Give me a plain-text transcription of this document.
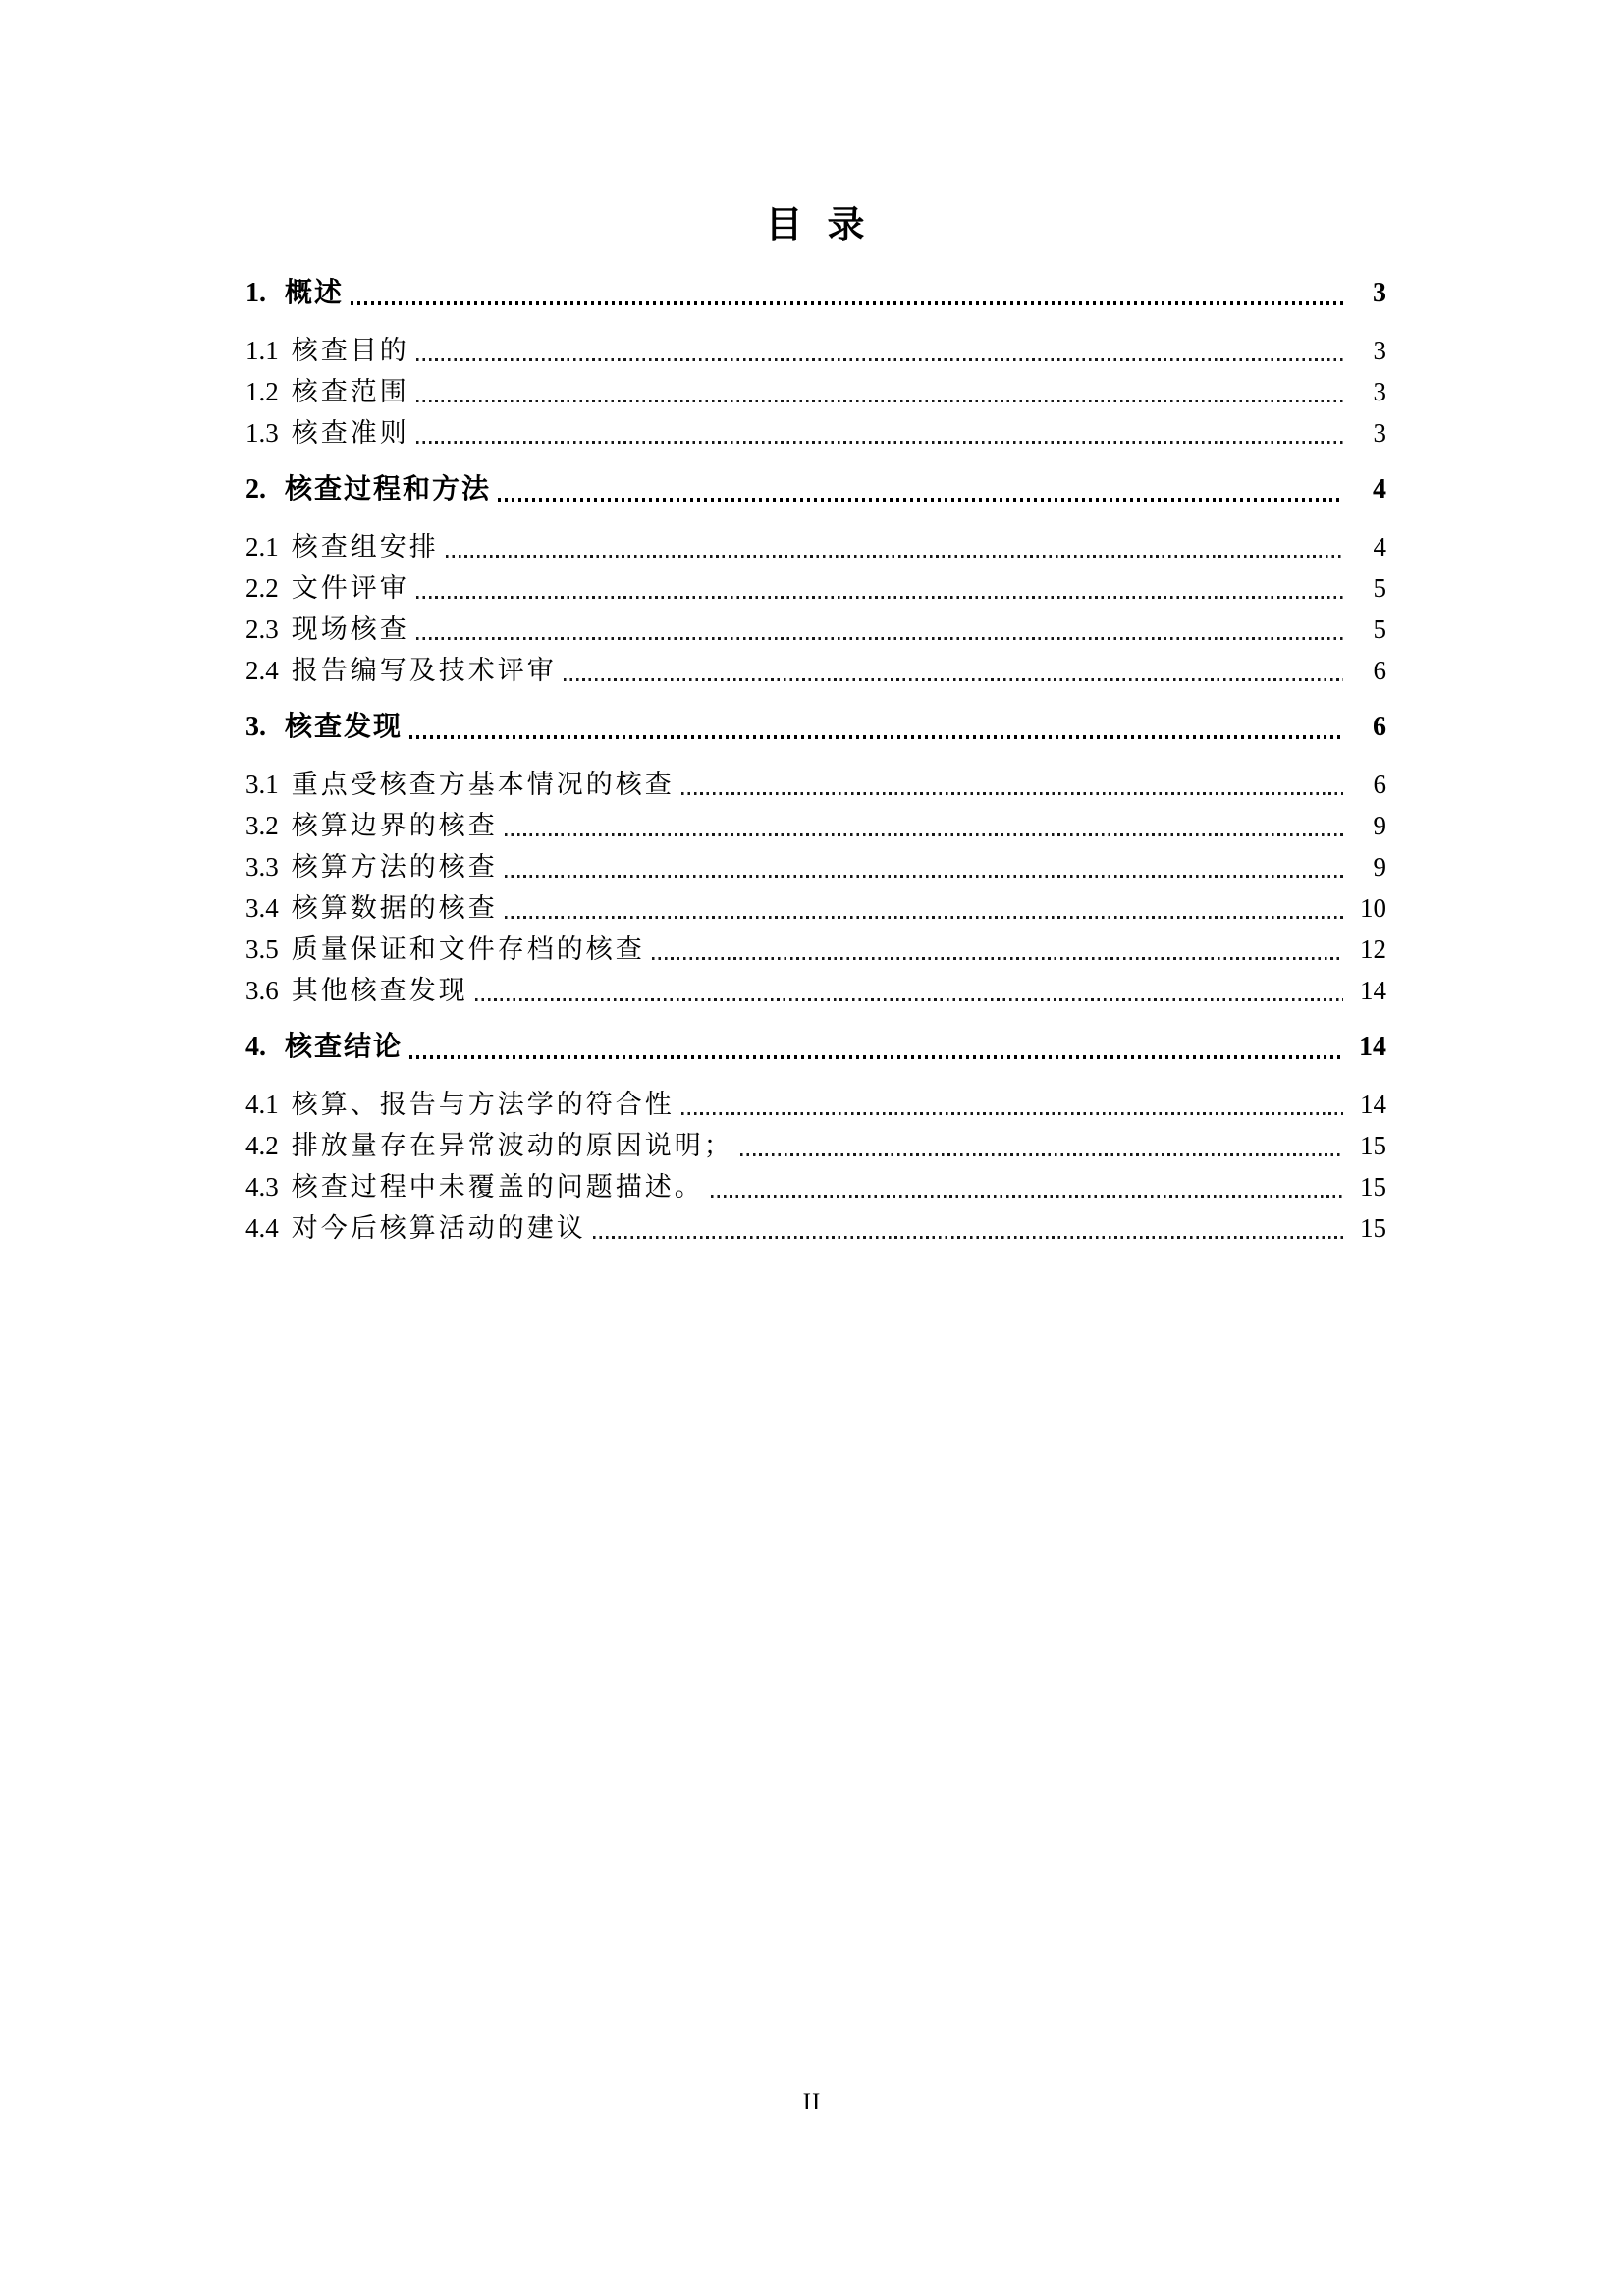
目  录
1. 概述	3
1.1 核查目的	3
1.2 核查范围	3
1.3 核查准则	3
2. 核查过程和方法	4
2.1 核查组安排	4
2.2 文件评审	5
2.3 现场核查	5
2.4 报告编写及技术评审	6
3. 核查发现	6
3.1 重点受核查方基本情况的核查	6
3.2 核算边界的核查	9
3.3 核算方法的核查	9
3.4 核算数据的核查	10
3.5 质量保证和文件存档的核查	12
3.6 其他核查发现	14
4. 核查结论	14
4.1 核算、报告与方法学的符合性	14
4.2 排放量存在异常波动的原因说明；	15
4.3 核查过程中未覆盖的问题描述。	15
4.4 对今后核算活动的建议	15
II
